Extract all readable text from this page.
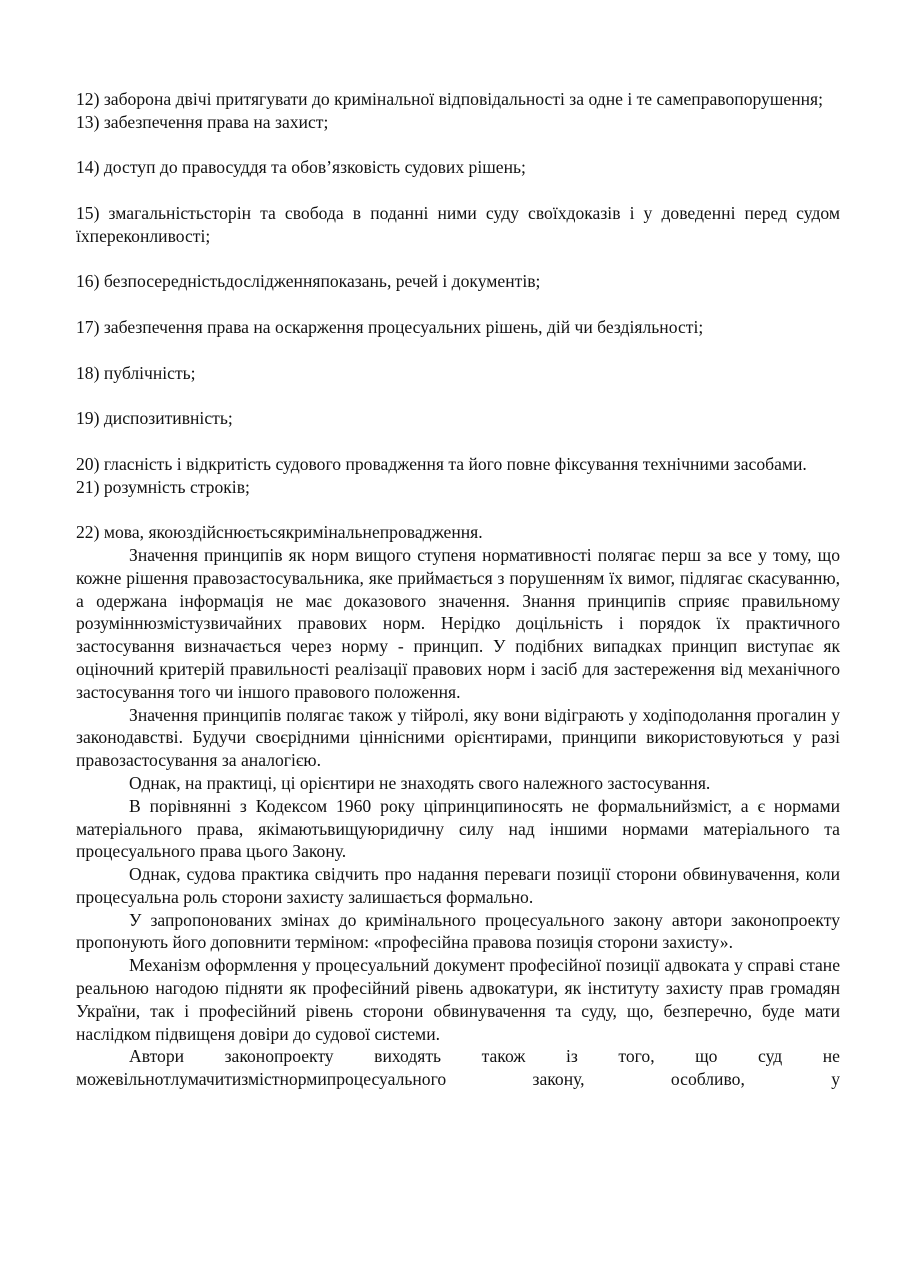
12) заборона двічі притягувати до кримінальної відповідальності за одне і те самеправопорушення;

13) забезпечення права на захист;

14) доступ до правосуддя та обов’язковість судових рішень;

15) змагальністьсторін та свобода в поданні ними суду своїхдоказів і у доведенні перед судом їхпереконливості;

16) безпосередністьдослідженняпоказань, речей і документів;

17) забезпечення права на оскарження процесуальних рішень, дій чи бездіяльності;

18) публічність;

19) диспозитивність;

20) гласність і відкритість судового провадження та його повне фіксування технічними засобами.

21) розумність строків;

22) мова, якоюздійснюєтьсякримінальнепровадження.

Значення принципів як норм вищого ступеня нормативності полягає перш за все у тому, що кожне рішення правозастосувальника, яке приймається з порушенням їх вимог, підлягає скасуванню, а одержана інформація не має доказового значення. Знання принципів сприяє правильному розуміннюзмістузвичайних правових норм. Нерідко доцільність і порядок їх практичного застосування визначається через норму - принцип. У подібних випадках принцип виступає як оціночний критерій правильності реалізації правових норм і засіб для застереження від механічного застосування того чи іншого правового положення.

Значення принципів полягає також у тійролі, яку вони відіграють у ходіподолання прогалин у законодавстві. Будучи своєрідними ціннісними орієнтирами, принципи використовуються у разі правозастосування за аналогією.

Однак, на практиці, ці орієнтири не знаходять свого належного застосування.

В порівнянні з Кодексом 1960 року ціпринципиносять не формальнийзміст, а є нормами матеріального права, якімаютьвищуюридичну силу над іншими нормами матеріального та процесуального права цього Закону.

Однак, судова практика свідчить про надання переваги позиції сторони обвинувачення, коли процесуальна роль сторони захисту залишається формально.

У запропонованих змінах до кримінального процесуального закону автори законопроекту пропонують його доповнити терміном: «професійна правова позиція сторони захисту».

Механізм оформлення у процесуальний документ професійної позиції адвоката у справі стане реальною нагодою підняти як професійний рівень адвокатури, як інституту захисту прав громадян України, так і професійний рівень сторони обвинувачення та суду, що, безперечно, буде мати наслідком підвищеня довіри до судової системи.

Автори законопроекту виходять також із того, що суд не можевільнотлумачитизмістнормипроцесуального закону, особливо, у
